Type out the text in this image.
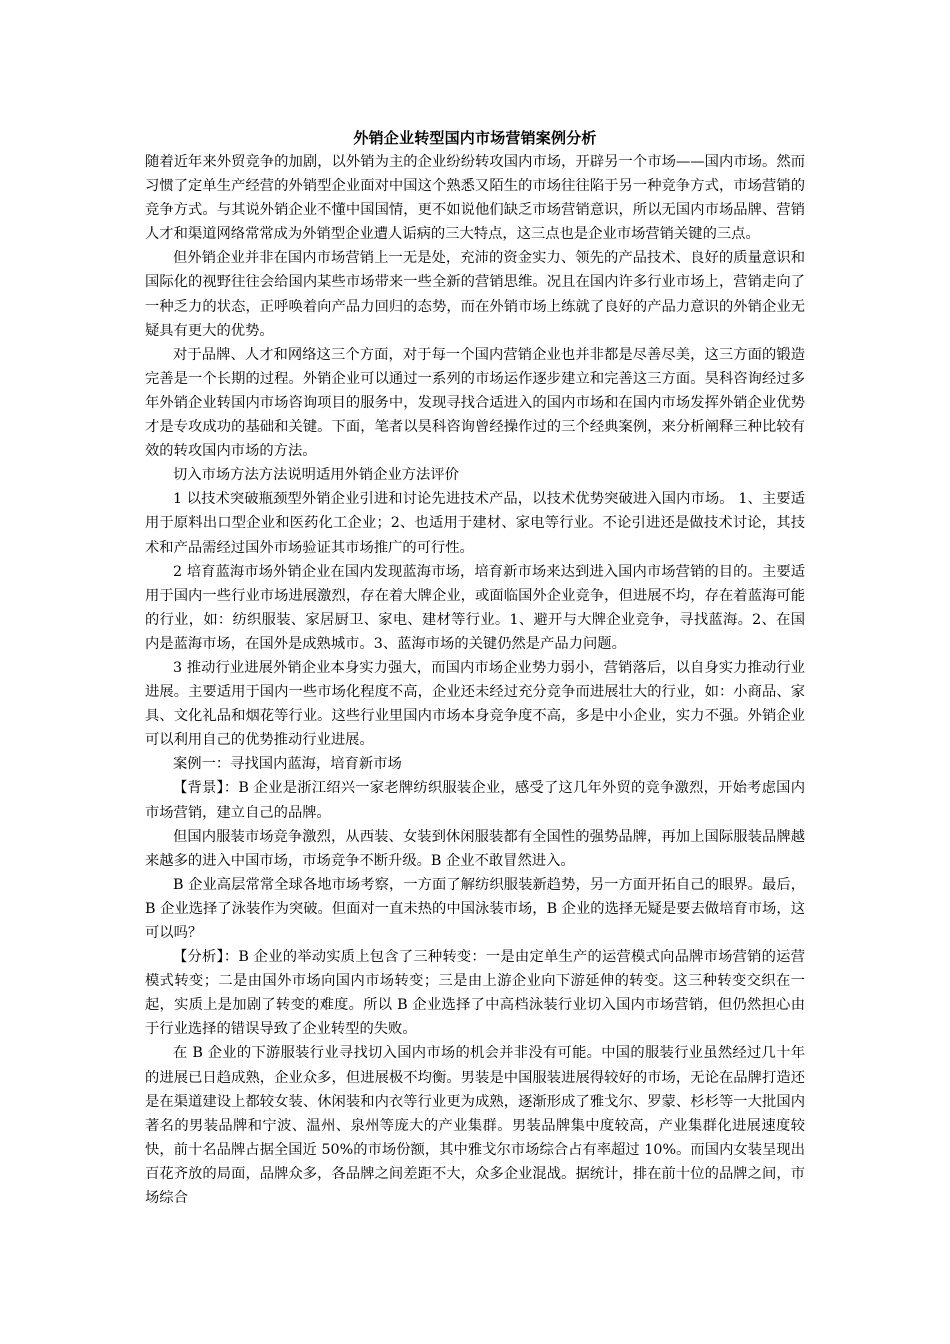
外销企业转型国内市场营销案例分析

随着近年来外贸竞争的加剧，以外销为主的企业纷纷转攻国内市场，开辟另一个市场——国内市场。然而习惯了定单生产经营的外销型企业面对中国这个熟悉又陌生的市场往往陷于另一种竞争方式，市场营销的竞争方式。与其说外销企业不懂中国国情，更不如说他们缺乏市场营销意识，所以无国内市场品牌、营销人才和渠道网络常常成为外销型企业遭人诟病的三大特点，这三点也是企业市场营销关键的三点。

但外销企业并非在国内市场营销上一无是处，充沛的资金实力、领先的产品技术、良好的质量意识和国际化的视野往往会给国内某些市场带来一些全新的营销思维。况且在国内许多行业市场上，营销走向了一种乏力的状态，正呼唤着向产品力回归的态势，而在外销市场上练就了良好的产品力意识的外销企业无疑具有更大的优势。

对于品牌、人才和网络这三个方面，对于每一个国内营销企业也并非都是尽善尽美，这三方面的锻造完善是一个长期的过程。外销企业可以通过一系列的市场运作逐步建立和完善这三方面。昊科咨询经过多年外销企业转国内市场咨询项目的服务中，发现寻找合适进入的国内市场和在国内市场发挥外销企业优势才是专攻成功的基础和关键。下面，笔者以昊科咨询曾经操作过的三个经典案例，来分析阐释三种比较有效的转攻国内市场的方法。

切入市场方法方法说明适用外销企业方法评价

1 以技术突破瓶颈型外销企业引进和讨论先进技术产品，以技术优势突破进入国内市场。 1、主要适用于原料出口型企业和医药化工企业；2、也适用于建材、家电等行业。不论引进还是做技术讨论，其技术和产品需经过国外市场验证其市场推广的可行性。

2 培育蓝海市场外销企业在国内发现蓝海市场，培育新市场来达到进入国内市场营销的目的。主要适用于国内一些行业市场进展激烈，存在着大牌企业，或面临国外企业竞争，但进展不均，存在着蓝海可能的行业，如：纺织服装、家居厨卫、家电、建材等行业。1、避开与大牌企业竞争，寻找蓝海。2、在国内是蓝海市场，在国外是成熟城市。3、蓝海市场的关键仍然是产品力问题。

3 推动行业进展外销企业本身实力强大，而国内市场企业势力弱小，营销落后，以自身实力推动行业进展。主要适用于国内一些市场化程度不高，企业还未经过充分竞争而进展壮大的行业，如：小商品、家具、文化礼品和烟花等行业。这些行业里国内市场本身竞争度不高，多是中小企业，实力不强。外销企业可以利用自己的优势推动行业进展。

案例一：寻找国内蓝海，培育新市场

【背景】：B 企业是浙江绍兴一家老牌纺织服装企业，感受了这几年外贸的竞争激烈，开始考虑国内市场营销，建立自己的品牌。

但国内服装市场竞争激烈，从西装、女装到休闲服装都有全国性的强势品牌，再加上国际服装品牌越来越多的进入中国市场，市场竞争不断升级。B 企业不敢冒然进入。

B 企业高层常常全球各地市场考察，一方面了解纺织服装新趋势，另一方面开拓自己的眼界。最后，B 企业选择了泳装作为突破。但面对一直未热的中国泳装市场，B 企业的选择无疑是要去做培育市场，这可以吗？

【分析】：B 企业的举动实质上包含了三种转变：一是由定单生产的运营模式向品牌市场营销的运营模式转变；二是由国外市场向国内市场转变；三是由上游企业向下游延伸的转变。这三种转变交织在一起，实质上是加剧了转变的难度。所以 B 企业选择了中高档泳装行业切入国内市场营销，但仍然担心由于行业选择的错误导致了企业转型的失败。

在 B 企业的下游服装行业寻找切入国内市场的机会并非没有可能。中国的服装行业虽然经过几十年的进展已日趋成熟，企业众多，但进展极不均衡。男装是中国服装进展得较好的市场，无论在品牌打造还是在渠道建设上都较女装、休闲装和内衣等行业更为成熟，逐渐形成了雅戈尔、罗蒙、杉杉等一大批国内著名的男装品牌和宁波、温州、泉州等庞大的产业集群。男装品牌集中度较高，产业集群化进展速度较快，前十名品牌占据全国近 50%的市场份额，其中雅戈尔市场综合占有率超过 10%。而国内女装呈现出百花齐放的局面，品牌众多，各品牌之间差距不大，众多企业混战。据统计，排在前十位的品牌之间，市场综合
